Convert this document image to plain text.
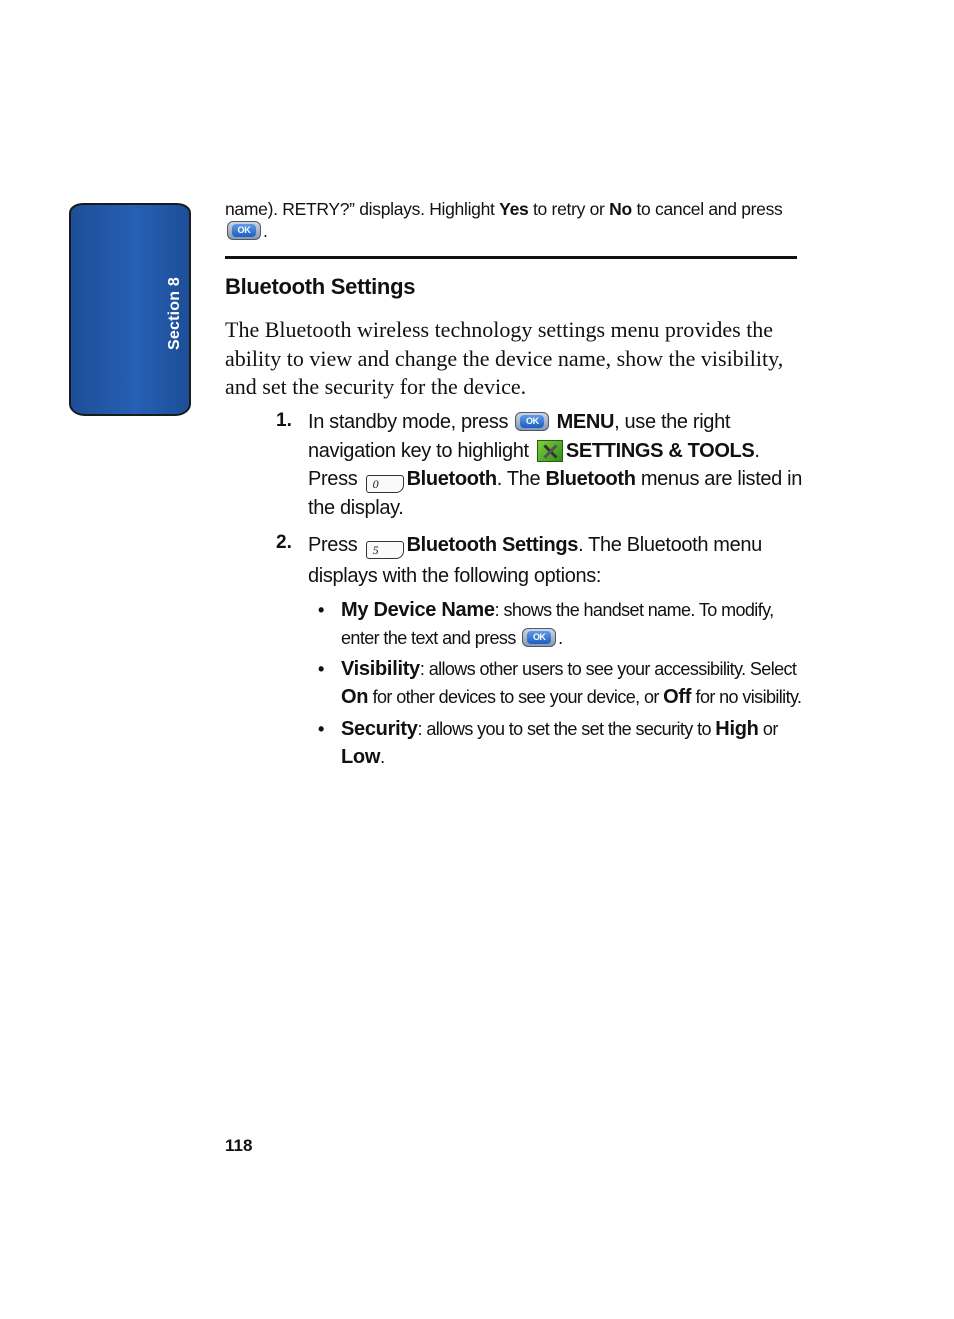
Section 8
name). RETRY?” displays. Highlight Yes to retry or No to cancel and press
OK.
Bluetooth Settings
The Bluetooth wireless technology settings menu provides the ability to view and change the device name, show the visibility, and set the security for the device.
1. In standby mode, press OK MENU, use the right navigation key to highlight SETTINGS & TOOLS. Press 0 Bluetooth. The Bluetooth menus are listed in the display.
2. Press 5 Bluetooth Settings. The Bluetooth menu displays with the following options:
• My Device Name: shows the handset name. To modify, enter the text and press OK.
• Visibility: allows other users to see your accessibility. Select On for other devices to see your device, or Off for no visibility.
• Security: allows you to set the set the security to High or Low.
118
